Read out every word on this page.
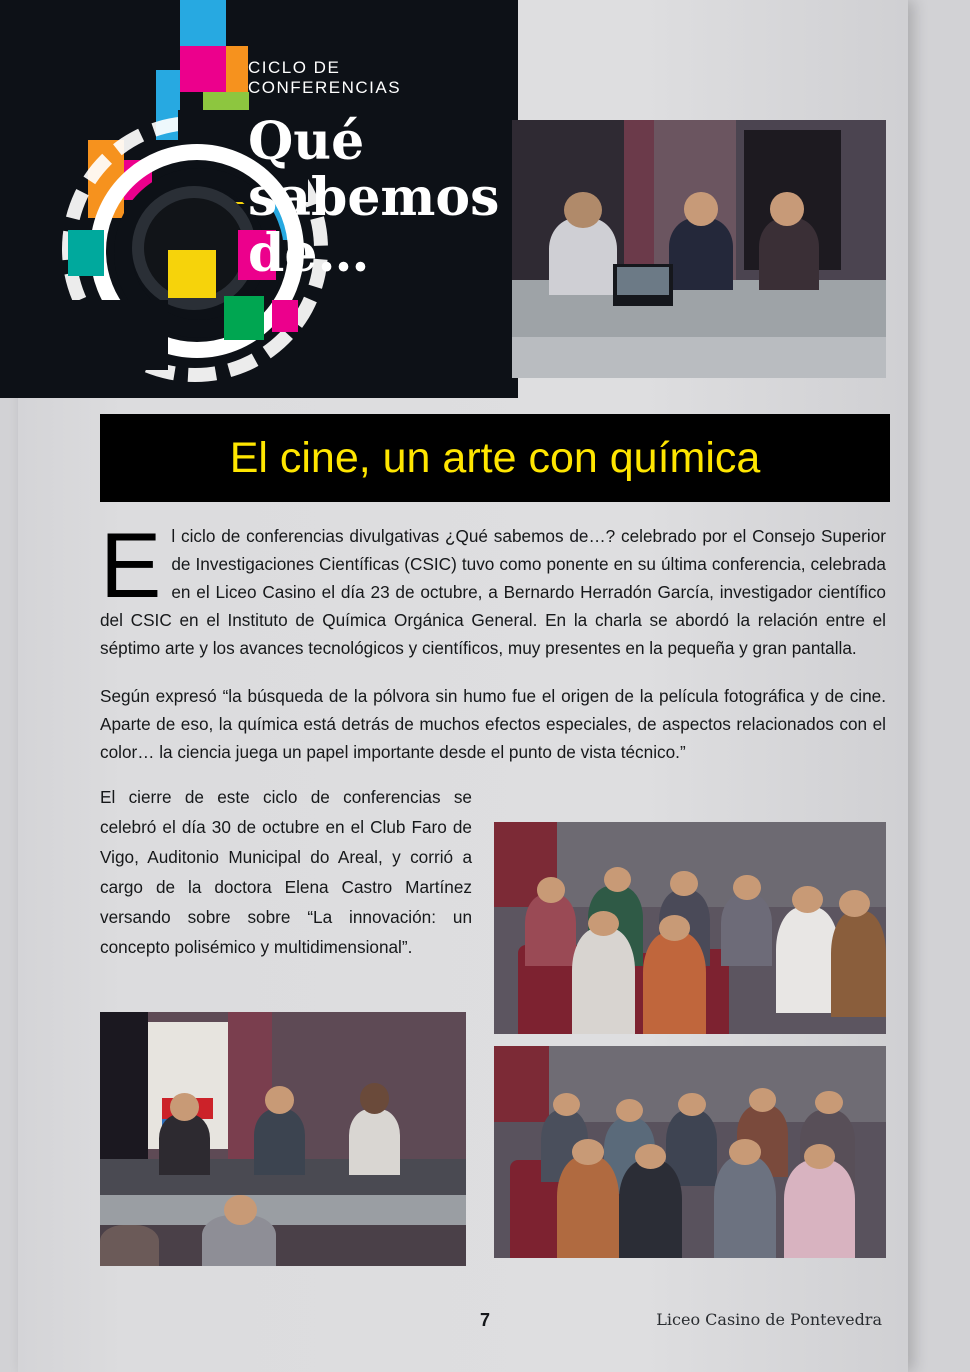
CICLO DE
CONFERENCIAS
Qué
sabemos
de…
El cine, un arte con química

El ciclo de conferencias divulgativas ¿Qué sabemos de…? celebrado por el Consejo Superior de Investigaciones Científicas (CSIC) tuvo como ponente en su última conferencia, celebrada en el Liceo Casino el día 23 de octubre, a Bernardo Herradón García, investigador científico del CSIC en el Instituto de Química Orgánica General. En la charla se abordó la relación entre el séptimo arte y los avances tecnológicos y científicos, muy presentes en la pequeña y gran pantalla.

Según expresó “la búsqueda de la pólvora sin humo fue el origen de la película fotográfica y de cine. Aparte de eso, la química está detrás de muchos efectos especiales, de aspectos relacionados con el color… la ciencia juega un papel importante desde el punto de vista técnico.”

El cierre de este ciclo de conferencias se celebró el día 30 de octubre en el Club Faro de Vigo, Auditonio Municipal do Areal, y corrió a cargo de la doctora Elena Castro Martínez versando sobre sobre “La innovación: un concepto polisémico y multidimensional”.

7	Liceo Casino de Pontevedra
